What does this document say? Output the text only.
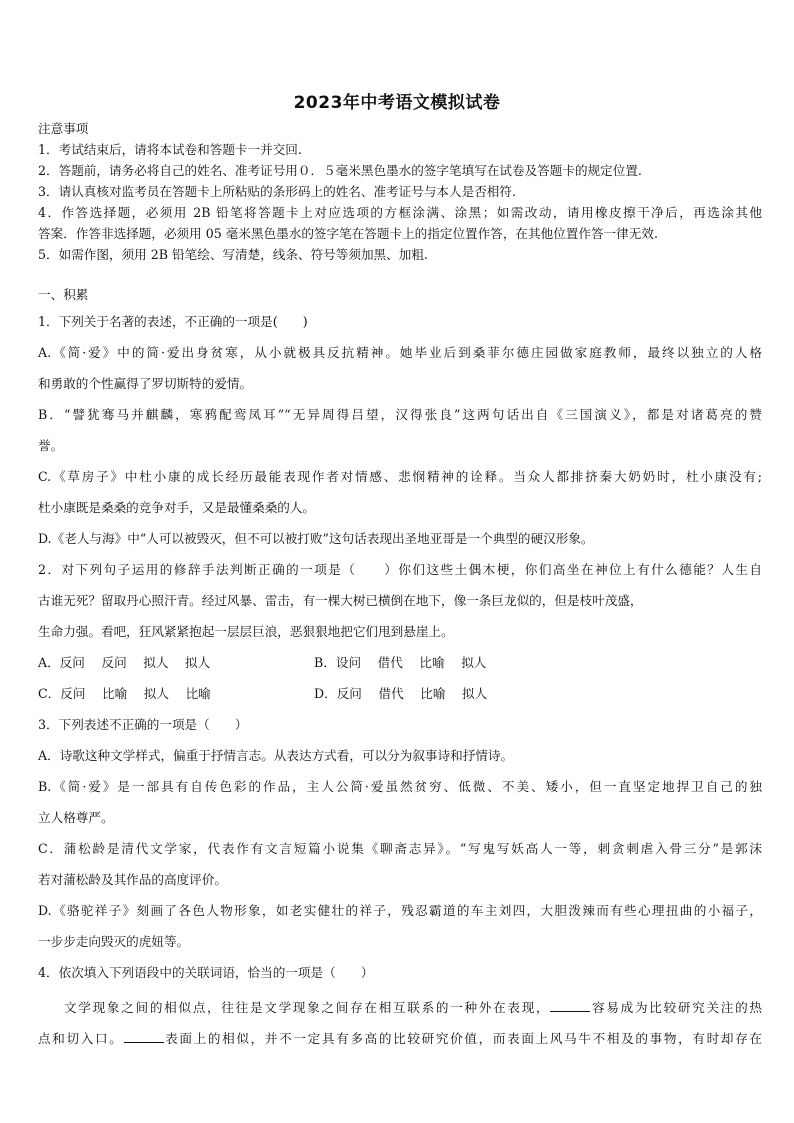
2023年中考语文模拟试卷
注意事项
1．考试结束后，请将本试卷和答题卡一并交回.
2．答题前，请务必将自己的姓名、准考证号用０．５毫米黑色墨水的签字笔填写在试卷及答题卡的规定位置.
3．请认真核对监考员在答题卡上所粘贴的条形码上的姓名、准考证号与本人是否相符.
4．作答选择题，必须用 2B 铅笔将答题卡上对应选项的方框涂满、涂黑；如需改动，请用橡皮擦干净后，再选涂其他
答案．作答非选择题，必须用 05 毫米黑色墨水的签字笔在答题卡上的指定位置作答，在其他位置作答一律无效.
5．如需作图，须用 2B 铅笔绘、写清楚，线条、符号等须加黑、加粗.
一、积累
1．下列关于名著的表述，不正确的一项是(　　)
A.《简·爱》中的简·爱出身贫寒，从小就极具反抗精神。她毕业后到桑菲尔德庄园做家庭教师，最终以独立的人格
和勇敢的个性赢得了罗切斯特的爱情。
B．“譬犹骞马并麒麟，寒鸦配鸾凤耳”“无异周得吕望，汉得张良”这两句话出自《三国演义》，都是对诸葛亮的赞
誉。
C.《草房子》中杜小康的成长经历最能表现作者对情感、悲悯精神的诠释。当众人都排挤秦大奶奶时，杜小康没有;
杜小康既是桑桑的竞争对手，又是最懂桑桑的人。
D.《老人与海》中“人可以被毁灭，但不可以被打败”这句话表现出圣地亚哥是一个典型的硬汉形象。
2．对下列句子运用的修辞手法判断正确的一项是（　　）你们这些土偶木梗，你们高坐在神位上有什么德能？人生自
古谁无死？留取丹心照汗青。经过风暴、雷击，有一棵大树已横倒在地下，像一条巨龙似的，但是枝叶茂盛，
生命力强。看吧，狂风紧紧抱起一层层巨浪，恶狠狠地把它们甩到悬崖上。
A．反问　 反问　 拟人　 拟人	B．设问　 借代　 比喻　 拟人
C．反问　 比喻　 拟人　 比喻	D．反问　 借代　 比喻　 拟人
3．下列表述不正确的一项是（　　）
A．诗歌这种文学样式，偏重于抒情言志。从表达方式看，可以分为叙事诗和抒情诗。
B.《简·爱》是一部具有自传色彩的作品，主人公简·爱虽然贫穷、低微、不美、矮小，但一直坚定地捍卫自己的独
立人格尊严。
C．蒲松龄是清代文学家，代表作有文言短篇小说集《聊斋志异》。“写鬼写妖高人一等，刺贪刺虐入骨三分”是郭沫
若对蒲松龄及其作品的高度评价。
D.《骆驼祥子》刻画了各色人物形象，如老实健壮的祥子，残忍霸道的车主刘四，大胆泼辣而有些心理扭曲的小福子，
一步步走向毁灭的虎妞等。
4．依次填入下列语段中的关联词语，恰当的一项是（　　）
文学现象之间的相似点，往往是文学现象之间存在相互联系的一种外在表现，	容易成为比较研究关注的热
点和切入口。	表面上的相似，并不一定具有多高的比较研究价值，而表面上风马牛不相及的事物，有时却存在
